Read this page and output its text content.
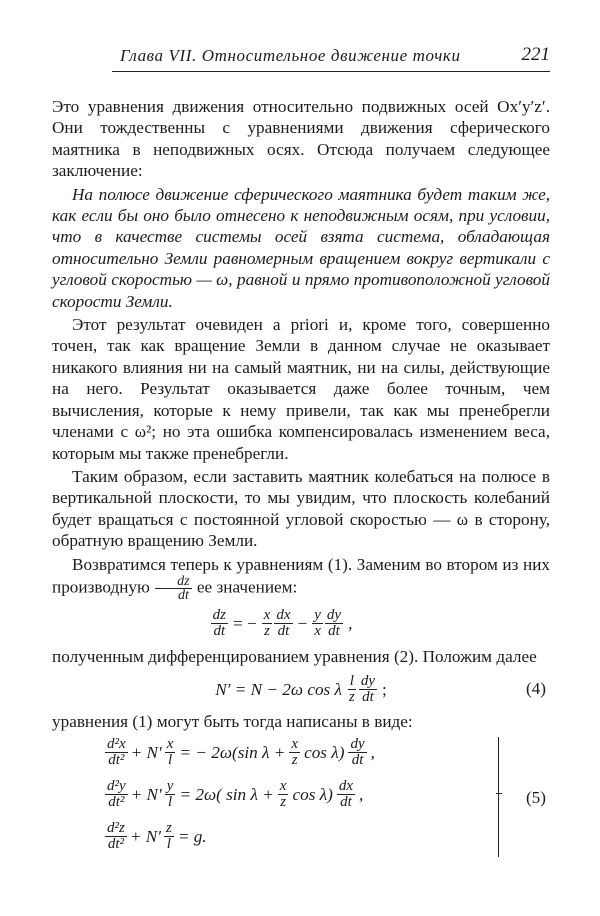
Глава VII. Относительное движение точки	221

Это уравнения движения относительно подвижных осей Ox′y′z′. Они тождественны с уравнениями движения сферического маятника в неподвижных осях. Отсюда получаем следующее заключение:

На полюсе движение сферического маятника будет таким же, как если бы оно было отнесено к неподвижным осям, при условии, что в качестве системы осей взята система, обладающая относительно Земли равномерным вращением вокруг вертикали с угловой скоростью — ω, равной и прямо противоположной угловой скорости Земли.

Этот результат очевиден a priori и, кроме того, совершенно точен, так как вращение Земли в данном случае не оказывает никакого влияния ни на самый маятник, ни на силы, действующие на него. Результат оказывается даже более точным, чем вычисления, которые к нему привели, так как мы пренебрегли членами с ω²; но эта ошибка компенсировалась изменением веса, которым мы также пренебрегли.

Таким образом, если заставить маятник колебаться на полюсе в вертикальной плоскости, то мы увидим, что плоскость колебаний будет вращаться с постоянной угловой скоростью — ω в сторону, обратную вращению Земли.

Возвратимся теперь к уравнениям (1). Заменим во втором из них производную $\frac{dz}{dt}$ ее значением:

$\frac{dz}{dt}$ = − $\frac{x}{z} \frac{dx}{dt} - \frac{y}{x} \frac{dy}{dt}$ ,

полученным дифференцированием уравнения (2). Положим далее

N′ = N − 2ω cos λ $\frac{l}{z} \frac{dy}{dt}$ ;	(4)

уравнения (1) могут быть тогда написаны в виде:

$\frac{\text{d²x}}{\text{dt²}} + N' \frac{x}{l}$ = − 2ω(sin $\lambda + \frac{x}{z}$ $\cos \lambda) \frac{dy}{dt}$ ,
$\frac{\text{d²y}}{\text{dt²}} + N' \frac{y}{l} = 2\omega$( $\sin \lambda + \frac{x}{z}$ $\cos \lambda) \frac{dx}{dt}$ ,
$\frac{\text{d²z}}{\text{dt²}} + N' \frac{z}{l} = g$.
(5)
